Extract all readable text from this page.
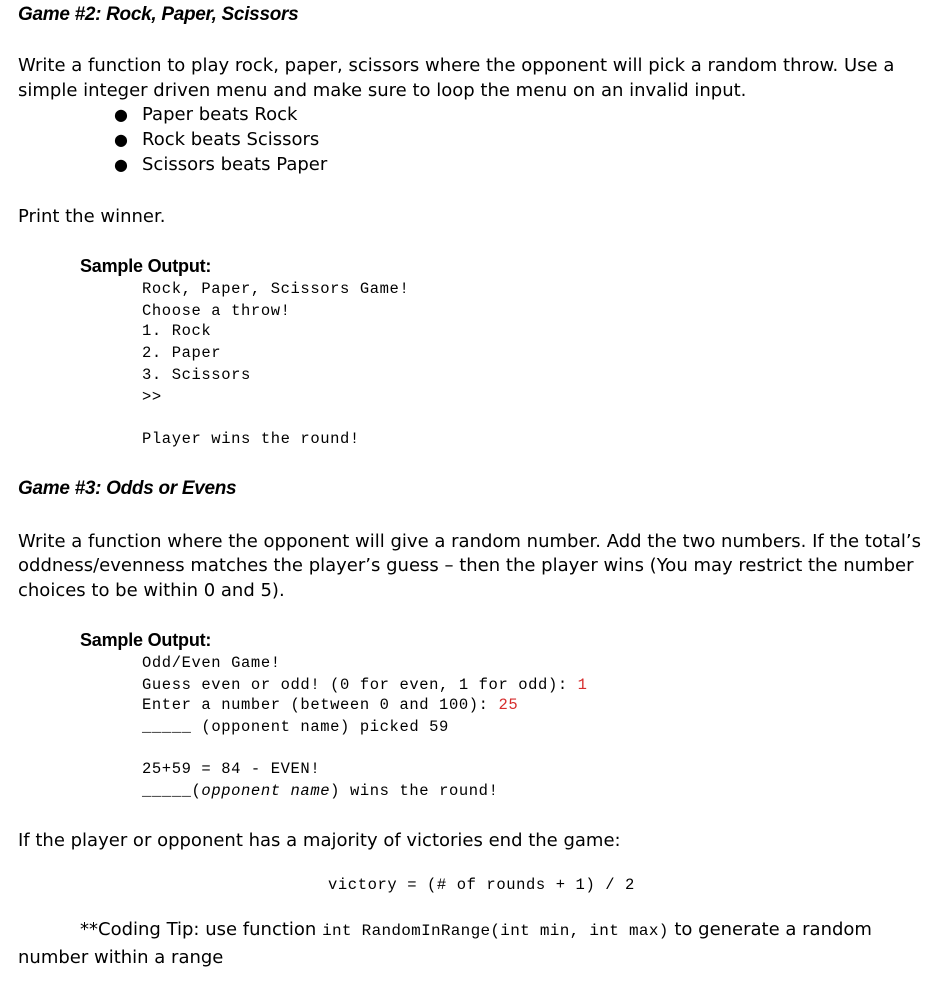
Game #2: Rock, Paper, Scissors
Write a function to play rock, paper, scissors where the opponent will pick a random throw. Use a
simple integer driven menu and make sure to loop the menu on an invalid input.
● Paper beats Rock
● Rock beats Scissors
● Scissors beats Paper
Print the winner.
Sample Output:
Rock, Paper, Scissors Game!
Choose a throw!
1. Rock
2. Paper
3. Scissors
>>
Player wins the round!
Game #3: Odds or Evens
Write a function where the opponent will give a random number. Add the two numbers. If the total’s
oddness/evenness matches the player’s guess – then the player wins (You may restrict the number
choices to be within 0 and 5).
Sample Output:
Odd/Even Game!
Guess even or odd! (0 for even, 1 for odd): 1
Enter a number (between 0 and 100): 25
_____ (opponent name) picked 59
25+59 = 84 - EVEN!
_____(opponent name) wins the round!
If the player or opponent has a majority of victories end the game:
victory = (# of rounds + 1) / 2
**Coding Tip: use function int RandomInRange(int min, int max) to generate a random
number within a range
